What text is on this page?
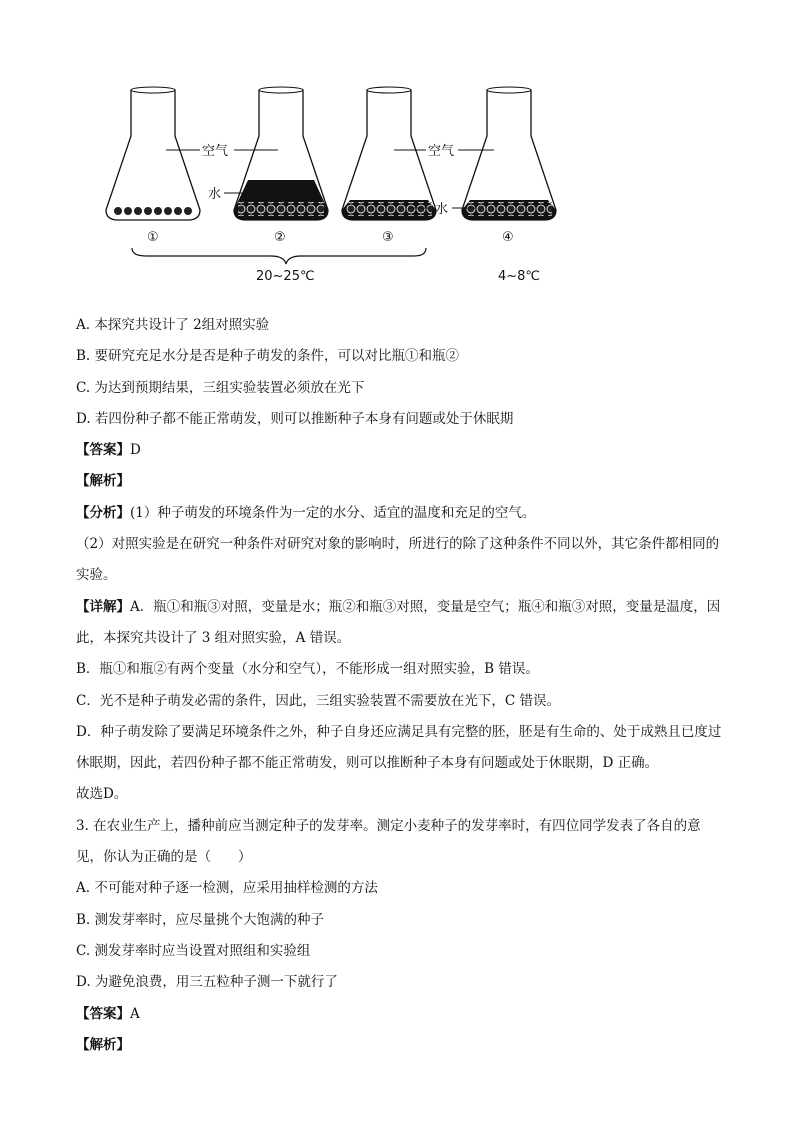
空气
水
空气
水
①	②	③	④
20~25℃	4~8℃
A. 本探究共设计了 2组对照实验
B. 要研究充足水分是否是种子萌发的条件，可以对比瓶①和瓶②
C. 为达到预期结果，三组实验装置必须放在光下
D. 若四份种子都不能正常萌发，则可以推断种子本身有问题或处于休眠期
【答案】D
【解析】
【分析】(1）种子萌发的环境条件为一定的水分、适宜的温度和充足的空气。
（2）对照实验是在研究一种条件对研究对象的影响时，所进行的除了这种条件不同以外，其它条件都相同的实验。
【详解】A．瓶①和瓶③对照，变量是水；瓶②和瓶③对照，变量是空气；瓶④和瓶③对照，变量是温度，因此，本探究共设计了 3 组对照实验，A 错误。
B．瓶①和瓶②有两个变量（水分和空气），不能形成一组对照实验，B 错误。
C．光不是种子萌发必需的条件，因此，三组实验装置不需要放在光下，C 错误。
D．种子萌发除了要满足环境条件之外，种子自身还应满足具有完整的胚，胚是有生命的、处于成熟且已度过休眠期，因此，若四份种子都不能正常萌发，则可以推断种子本身有问题或处于休眠期，D 正确。
故选D。
3. 在农业生产上，播种前应当测定种子的发芽率。测定小麦种子的发芽率时，有四位同学发表了各自的意见，你认为正确的是（　　）
A. 不可能对种子逐一检测，应采用抽样检测的方法
B. 测发芽率时，应尽量挑个大饱满的种子
C. 测发芽率时应当设置对照组和实验组
D. 为避免浪费，用三五粒种子测一下就行了
【答案】A
【解析】
